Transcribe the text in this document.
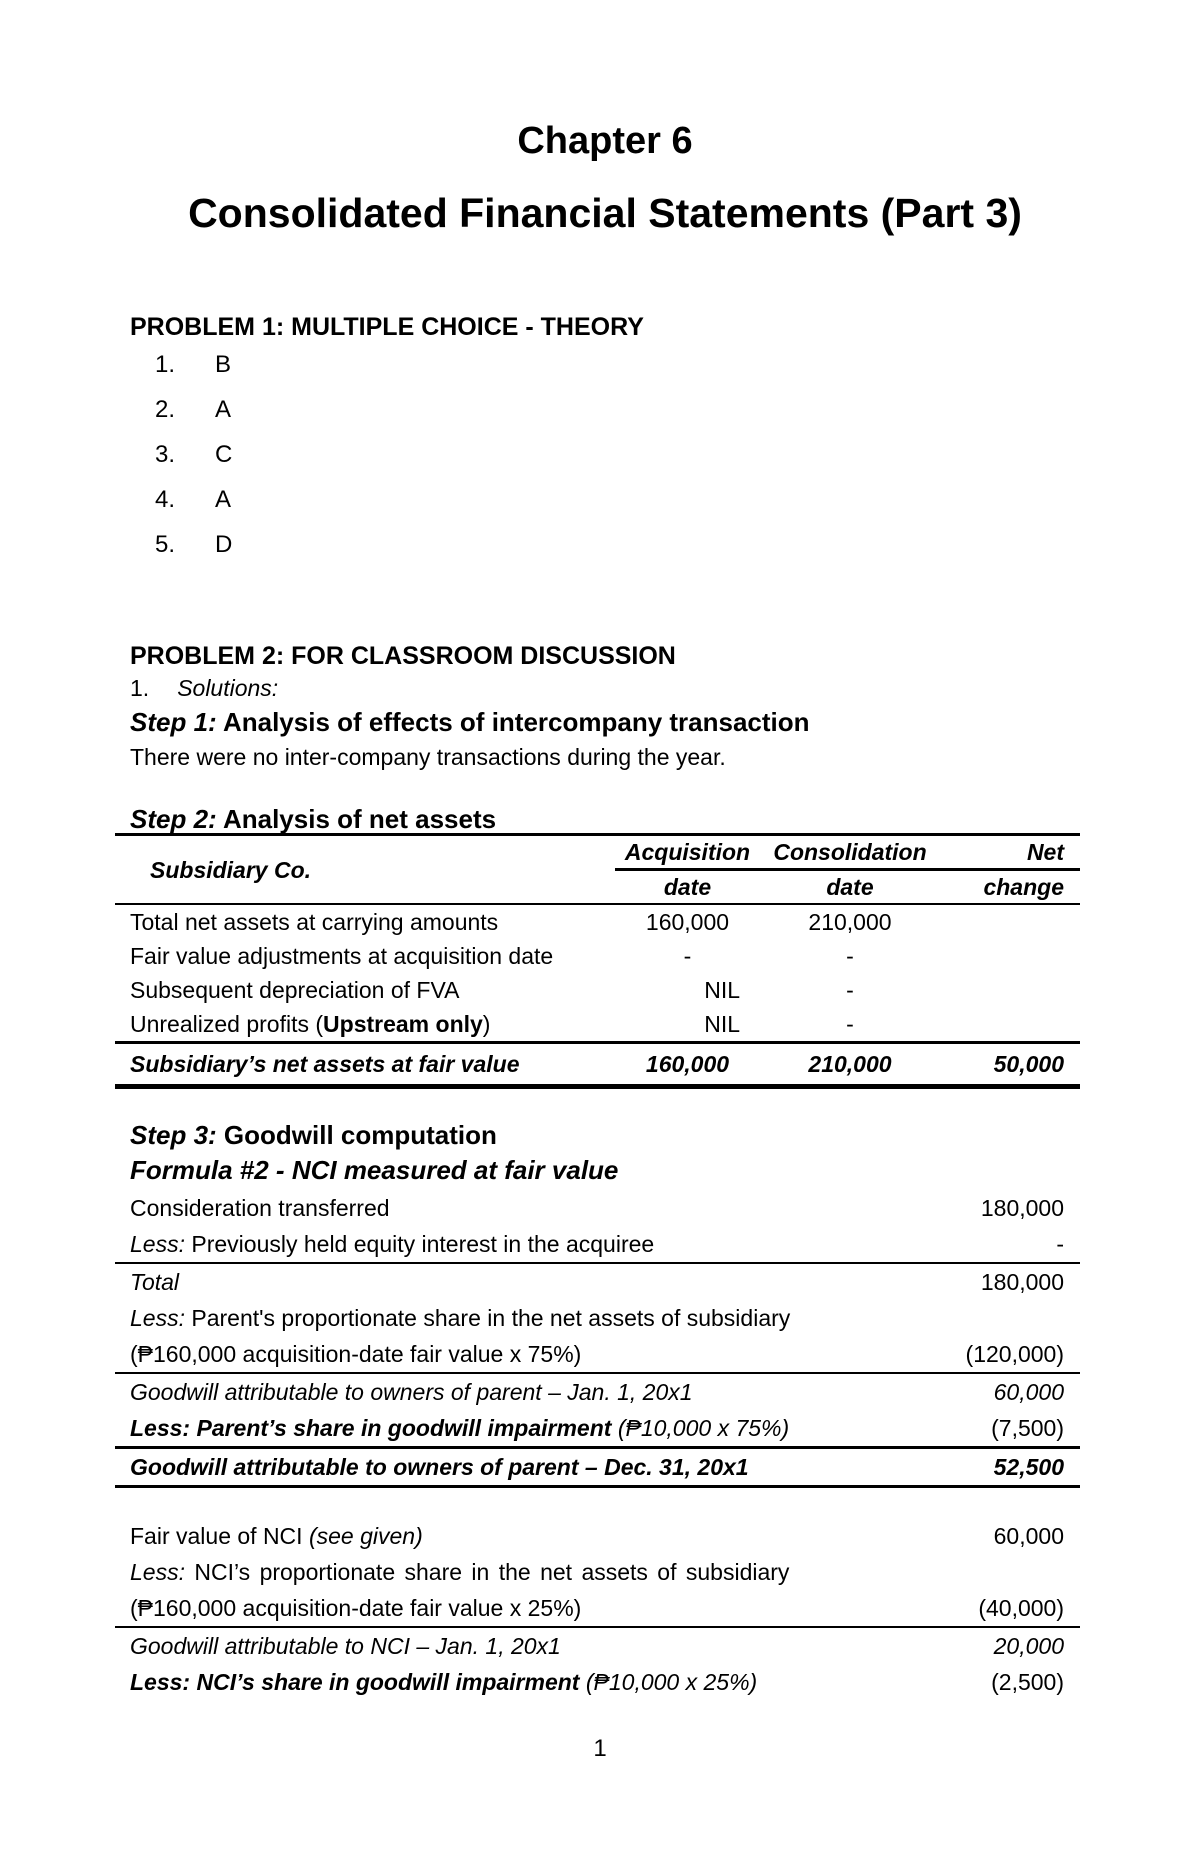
Chapter 6
Consolidated Financial Statements (Part 3)
PROBLEM 1: MULTIPLE CHOICE - THEORY
1. B
2. A
3. C
4. A
5. D
PROBLEM 2: FOR CLASSROOM DISCUSSION
1. Solutions:
Step 1: Analysis of effects of intercompany transaction
There were no inter-company transactions during the year.
Step 2: Analysis of net assets
Subsidiary Co.	Acquisition	Consolidation	Net
	date	date	change
Total net assets at carrying amounts	160,000	210,000	
Fair value adjustments at acquisition date	-	-	
Subsequent depreciation of FVA	NIL	-	
Unrealized profits (Upstream only)	NIL	-	
Subsidiary’s net assets at fair value	160,000	210,000	50,000
Step 3: Goodwill computation
Formula #2 - NCI measured at fair value
Consideration transferred	180,000
Less: Previously held equity interest in the acquiree	-
Total	180,000
Less: Parent's proportionate share in the net assets of subsidiary	
(₱160,000 acquisition-date fair value x 75%)	(120,000)
Goodwill attributable to owners of parent – Jan. 1, 20x1	60,000
Less: Parent’s share in goodwill impairment (₱10,000 x 75%)	(7,500)
Goodwill attributable to owners of parent – Dec. 31, 20x1	52,500
Fair value of NCI (see given)	60,000
Less: NCI’s proportionate share in the net assets of subsidiary	
(₱160,000 acquisition-date fair value x 25%)	(40,000)
Goodwill attributable to NCI – Jan. 1, 20x1	20,000
Less: NCI’s share in goodwill impairment (₱10,000 x 25%)	(2,500)
1
